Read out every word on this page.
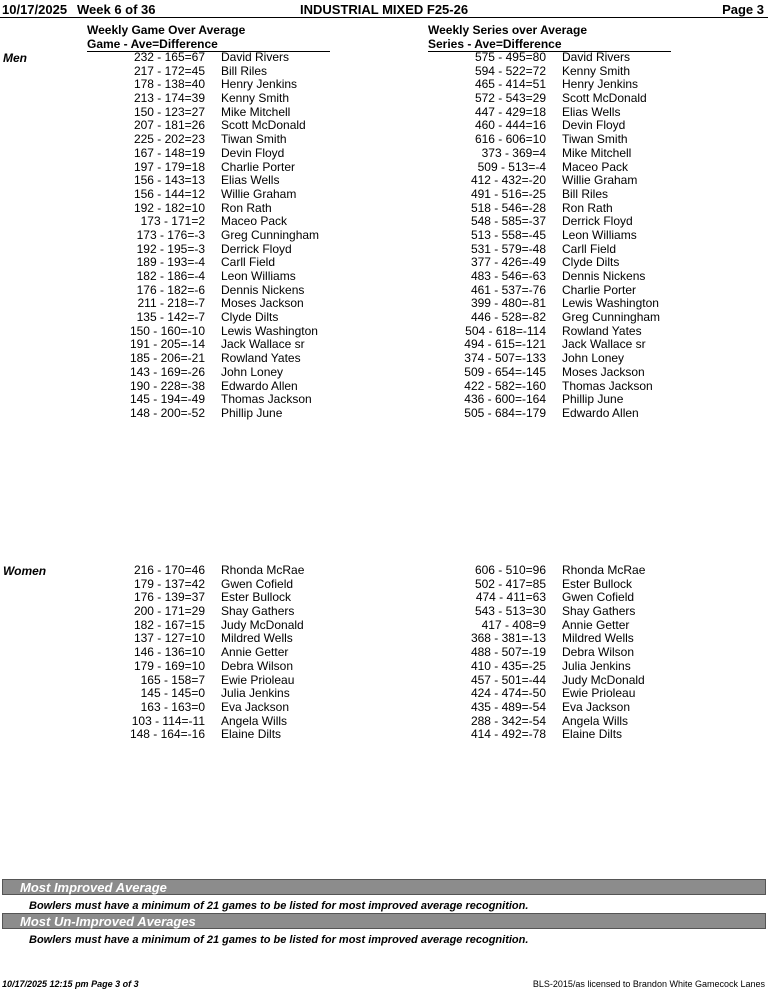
10/17/2025 Week 6 of 36	INDUSTRIAL MIXED F25-26	Page 3
Weekly Game Over Average

Game - Ave=Difference
Weekly Series over Average

Series - Ave=Difference
Men
Women
232 - 165=67 David Rivers
217 - 172=45 Bill Riles
178 - 138=40 Henry Jenkins
213 - 174=39 Kenny Smith
150 - 123=27 Mike Mitchell
207 - 181=26 Scott McDonald
225 - 202=23 Tiwan Smith
167 - 148=19 Devin Floyd
197 - 179=18 Charlie Porter
156 - 143=13 Elias Wells
156 - 144=12 Willie Graham
192 - 182=10 Ron Rath
173 - 171=2 Maceo Pack
173 - 176=-3 Greg Cunningham
192 - 195=-3 Derrick Floyd
189 - 193=-4 Carll Field
182 - 186=-4 Leon Williams
176 - 182=-6 Dennis Nickens
211 - 218=-7 Moses Jackson
135 - 142=-7 Clyde Dilts
150 - 160=-10 Lewis Washington
191 - 205=-14 Jack Wallace sr
185 - 206=-21 Rowland Yates
143 - 169=-26 John Loney
190 - 228=-38 Edwardo Allen
145 - 194=-49 Thomas Jackson
148 - 200=-52 Phillip June
575 - 495=80 David Rivers
594 - 522=72 Kenny Smith
465 - 414=51 Henry Jenkins
572 - 543=29 Scott McDonald
447 - 429=18 Elias Wells
460 - 444=16 Devin Floyd
616 - 606=10 Tiwan Smith
373 - 369=4 Mike Mitchell
509 - 513=-4 Maceo Pack
412 - 432=-20 Willie Graham
491 - 516=-25 Bill Riles
518 - 546=-28 Ron Rath
548 - 585=-37 Derrick Floyd
513 - 558=-45 Leon Williams
531 - 579=-48 Carll Field
377 - 426=-49 Clyde Dilts
483 - 546=-63 Dennis Nickens
461 - 537=-76 Charlie Porter
399 - 480=-81 Lewis Washington
446 - 528=-82 Greg Cunningham
504 - 618=-114 Rowland Yates
494 - 615=-121 Jack Wallace sr
374 - 507=-133 John Loney
509 - 654=-145 Moses Jackson
422 - 582=-160 Thomas Jackson
436 - 600=-164 Phillip June
505 - 684=-179 Edwardo Allen
216 - 170=46 Rhonda McRae
179 - 137=42 Gwen Cofield
176 - 139=37 Ester Bullock
200 - 171=29 Shay Gathers
182 - 167=15 Judy McDonald
137 - 127=10 Mildred Wells
146 - 136=10 Annie Getter
179 - 169=10 Debra Wilson
165 - 158=7 Ewie Prioleau
145 - 145=0 Julia Jenkins
163 - 163=0 Eva Jackson
103 - 114=-11 Angela Wills
148 - 164=-16 Elaine Dilts
606 - 510=96 Rhonda McRae
502 - 417=85 Ester Bullock
474 - 411=63 Gwen Cofield
543 - 513=30 Shay Gathers
417 - 408=9 Annie Getter
368 - 381=-13 Mildred Wells
488 - 507=-19 Debra Wilson
410 - 435=-25 Julia Jenkins
457 - 501=-44 Judy McDonald
424 - 474=-50 Ewie Prioleau
435 - 489=-54 Eva Jackson
288 - 342=-54 Angela Wills
414 - 492=-78 Elaine Dilts
Most Improved Average
Bowlers must have a minimum of 21 games to be listed for most improved average recognition.
Most Un-Improved Averages
Bowlers must have a minimum of 21 games to be listed for most improved average recognition.
10/17/2025 12:15 pm Page 3 of 3	BLS-2015/as licensed to Brandon White Gamecock Lanes
